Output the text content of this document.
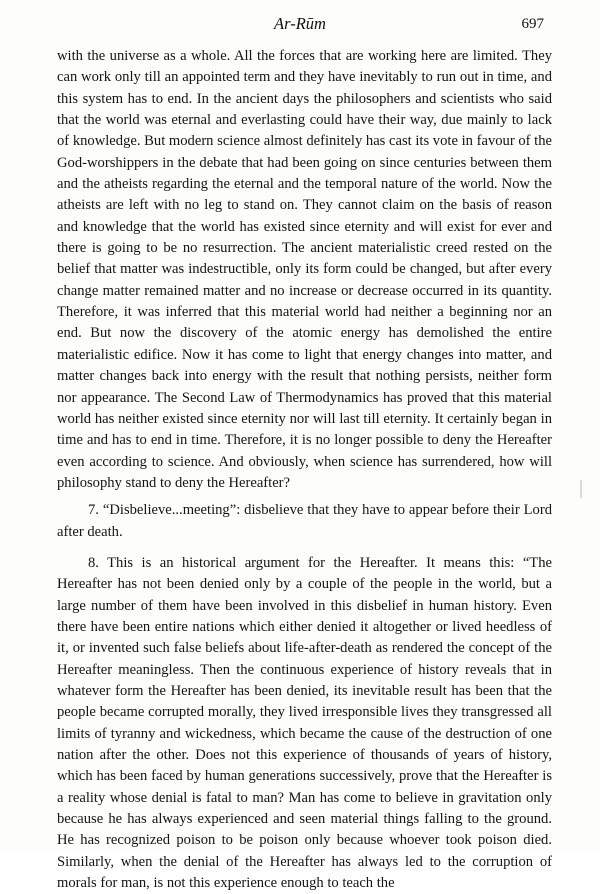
Ar-Rūm	697

with the universe as a whole. All the forces that are working here are limited. They can work only till an appointed term and they have inevitably to run out in time, and this system has to end. In the ancient days the philosophers and scientists who said that the world was eternal and everlasting could have their way, due mainly to lack of knowledge. But modern science almost definitely has cast its vote in favour of the God-worshippers in the debate that had been going on since centuries between them and the atheists regarding the eternal and the temporal nature of the world. Now the atheists are left with no leg to stand on. They cannot claim on the basis of reason and knowledge that the world has existed since eternity and will exist for ever and there is going to be no resurrection. The ancient materialistic creed rested on the belief that matter was indestructible, only its form could be changed, but after every change matter remained matter and no increase or decrease occurred in its quantity. Therefore, it was inferred that this material world had neither a beginning nor an end. But now the discovery of the atomic energy has demolished the entire materialistic edifice. Now it has come to light that energy changes into matter, and matter changes back into energy with the result that nothing persists, neither form nor appearance. The Second Law of Thermodynamics has proved that this material world has neither existed since eternity nor will last till eternity. It certainly began in time and has to end in time. Therefore, it is no longer possible to deny the Hereafter even according to science. And obviously, when science has surrendered, how will philosophy stand to deny the Hereafter?

7. “Disbelieve...meeting”: disbelieve that they have to appear before their Lord after death.

8. This is an historical argument for the Hereafter. It means this: “The Hereafter has not been denied only by a couple of the people in the world, but a large number of them have been involved in this disbelief in human history. Even there have been entire nations which either denied it altogether or lived heedless of it, or invented such false beliefs about life-after-death as rendered the concept of the Hereafter meaningless. Then the continuous experience of history reveals that in whatever form the Hereafter has been denied, its inevitable result has been that the people became corrupted morally, they lived irresponsible lives they transgressed all limits of tyranny and wickedness, which became the cause of the destruction of one nation after the other. Does not this experience of thousands of years of history, which has been faced by human generations successively, prove that the Hereafter is a reality whose denial is fatal to man? Man has come to believe in gravitation only because he has always experienced and seen material things falling to the ground. He has recognized poison to be poison only because whoever took poison died. Similarly, when the denial of the Hereafter has always led to the corruption of morals for man, is not this experience enough to teach the
